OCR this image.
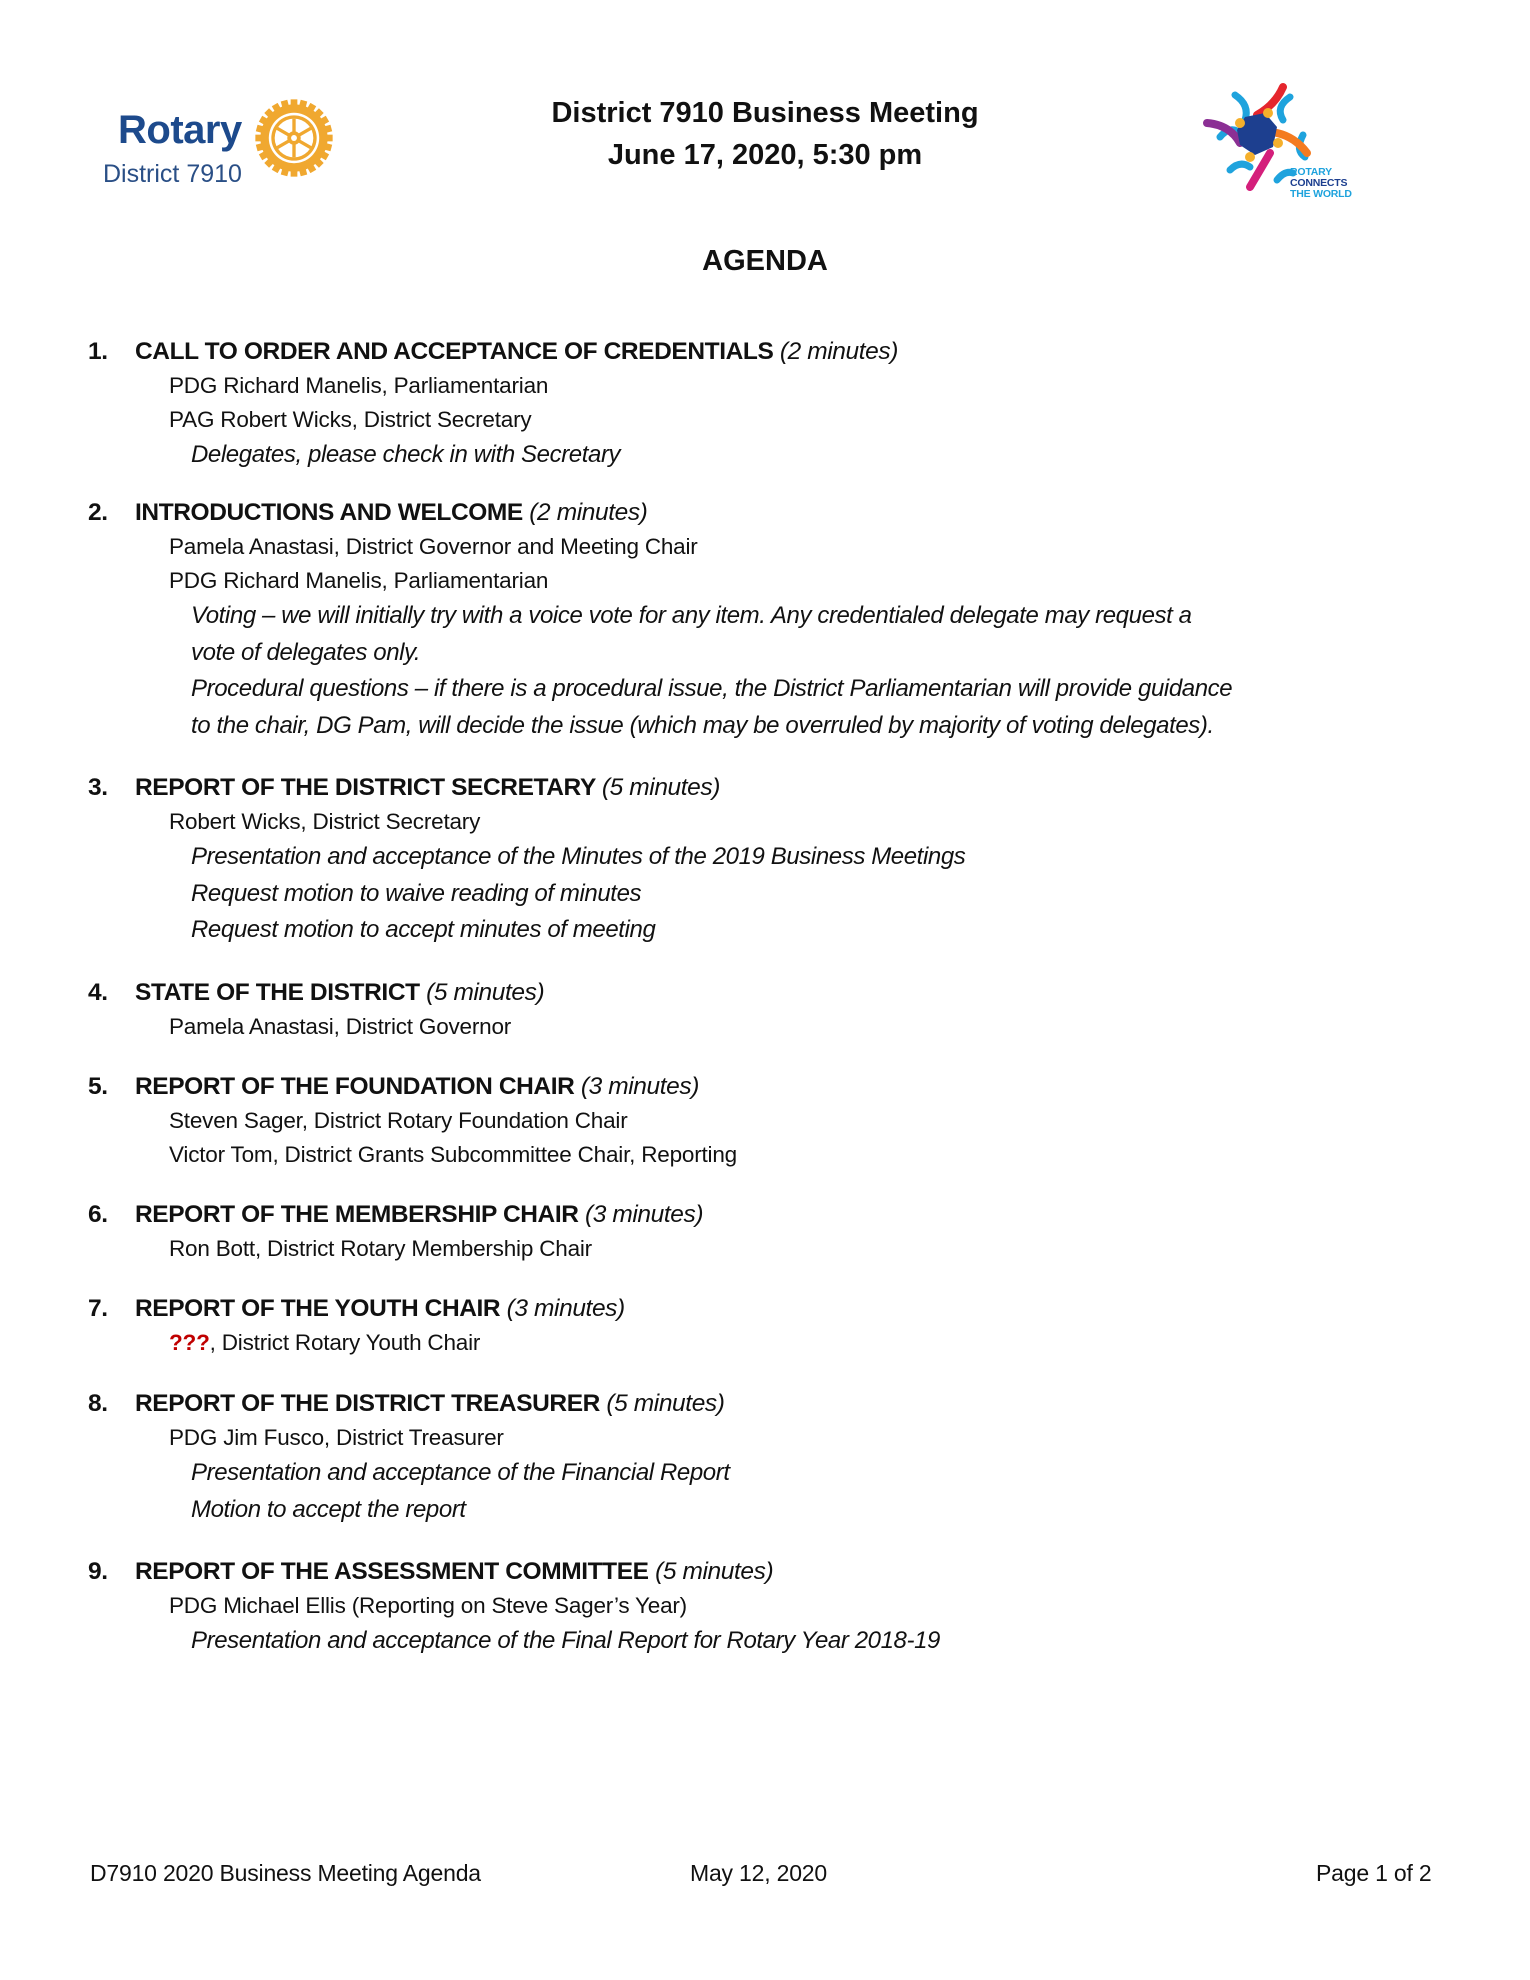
Rotary
District 7910
District 7910 Business Meeting
June 17, 2020, 5:30 pm
ROTARY
CONNECTS
THE WORLD
AGENDA
1. CALL TO ORDER AND ACCEPTANCE OF CREDENTIALS (2 minutes)
PDG Richard Manelis, Parliamentarian
PAG Robert Wicks, District Secretary
Delegates, please check in with Secretary
2. INTRODUCTIONS AND WELCOME (2 minutes)
Pamela Anastasi, District Governor and Meeting Chair
PDG Richard Manelis, Parliamentarian
Voting – we will initially try with a voice vote for any item. Any credentialed delegate may request a
vote of delegates only.
Procedural questions – if there is a procedural issue, the District Parliamentarian will provide guidance
to the chair, DG Pam, will decide the issue (which may be overruled by majority of voting delegates).
3. REPORT OF THE DISTRICT SECRETARY (5 minutes)
Robert Wicks, District Secretary
Presentation and acceptance of the Minutes of the 2019 Business Meetings
Request motion to waive reading of minutes
Request motion to accept minutes of meeting
4. STATE OF THE DISTRICT (5 minutes)
Pamela Anastasi, District Governor
5. REPORT OF THE FOUNDATION CHAIR (3 minutes)
Steven Sager, District Rotary Foundation Chair
Victor Tom, District Grants Subcommittee Chair, Reporting
6. REPORT OF THE MEMBERSHIP CHAIR (3 minutes)
Ron Bott, District Rotary Membership Chair
7. REPORT OF THE YOUTH CHAIR (3 minutes)
???, District Rotary Youth Chair
8. REPORT OF THE DISTRICT TREASURER (5 minutes)
PDG Jim Fusco, District Treasurer
Presentation and acceptance of the Financial Report
Motion to accept the report
9. REPORT OF THE ASSESSMENT COMMITTEE (5 minutes)
PDG Michael Ellis (Reporting on Steve Sager’s Year)
Presentation and acceptance of the Final Report for Rotary Year 2018-19
D7910 2020 Business Meeting Agenda	May 12, 2020	Page 1 of 2
